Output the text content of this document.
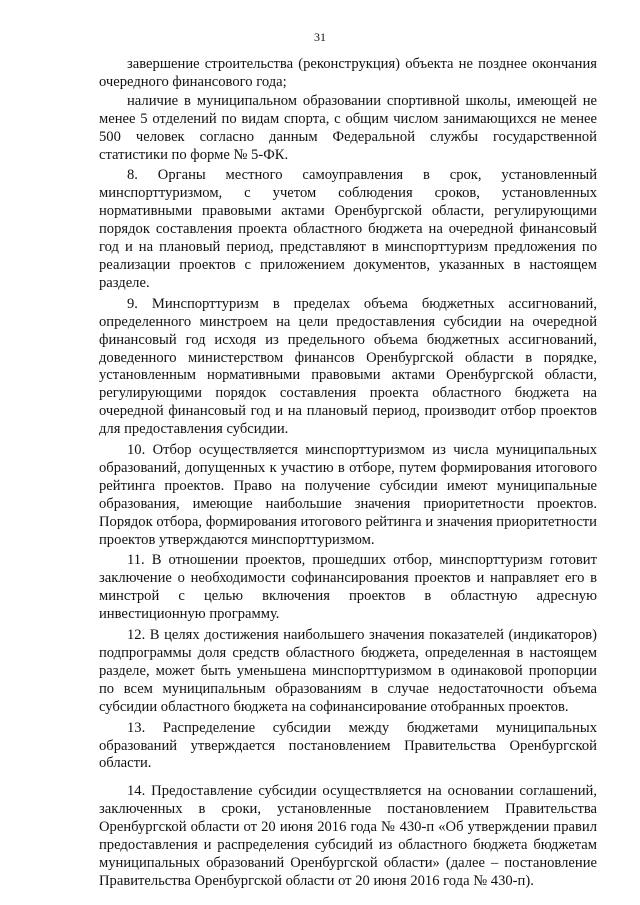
31

завершение строительства (реконструкция) объекта не позднее окончания очередного финансового года;

наличие в муниципальном образовании спортивной школы, имеющей не менее 5 отделений по видам спорта, с общим числом занимающихся не менее 500 человек согласно данным Федеральной службы государственной статистики по форме № 5-ФК.

8. Органы местного самоуправления в срок, установленный минспорттуризмом, с учетом соблюдения сроков, установленных нормативными правовыми актами Оренбургской области, регулирующими порядок составления проекта областного бюджета на очередной финансовый год и на плановый период, представляют в минспорттуризм предложения по реализации проектов с приложением документов, указанных в настоящем разделе.

9. Минспорттуризм в пределах объема бюджетных ассигнований, определенного минстроем на цели предоставления субсидии на очередной финансовый год исходя из предельного объема бюджетных ассигнований, доведенного министерством финансов Оренбургской области в порядке, установленным нормативными правовыми актами Оренбургской области, регулирующими порядок составления проекта областного бюджета на очередной финансовый год и на плановый период, производит отбор проектов для предоставления субсидии.

10. Отбор осуществляется минспорттуризмом из числа муниципальных образований, допущенных к участию в отборе, путем формирования итогового рейтинга проектов. Право на получение субсидии имеют муниципальные образования, имеющие наибольшие значения приоритетности проектов. Порядок отбора, формирования итогового рейтинга и значения приоритетности проектов утверждаются минспорттуризмом.

11. В отношении проектов, прошедших отбор, минспорттуризм готовит заключение о необходимости софинансирования проектов и направляет его в минстрой с целью включения проектов в областную адресную инвестиционную программу.

12. В целях достижения наибольшего значения показателей (индикаторов) подпрограммы доля средств областного бюджета, определенная в настоящем разделе, может быть уменьшена минспорттуризмом в одинаковой пропорции по всем муниципальным образованиям в случае недостаточности объема субсидии областного бюджета на софинансирование отобранных проектов.

13. Распределение субсидии между бюджетами муниципальных образований утверждается постановлением Правительства Оренбургской области.

14. Предоставление субсидии осуществляется на основании соглашений, заключенных в сроки, установленные постановлением Правительства Оренбургской области от 20 июня 2016 года № 430-п «Об утверждении правил предоставления и распределения субсидий из областного бюджета бюджетам муниципальных образований Оренбургской области» (далее – постановление Правительства Оренбургской области от 20 июня 2016 года № 430-п).
